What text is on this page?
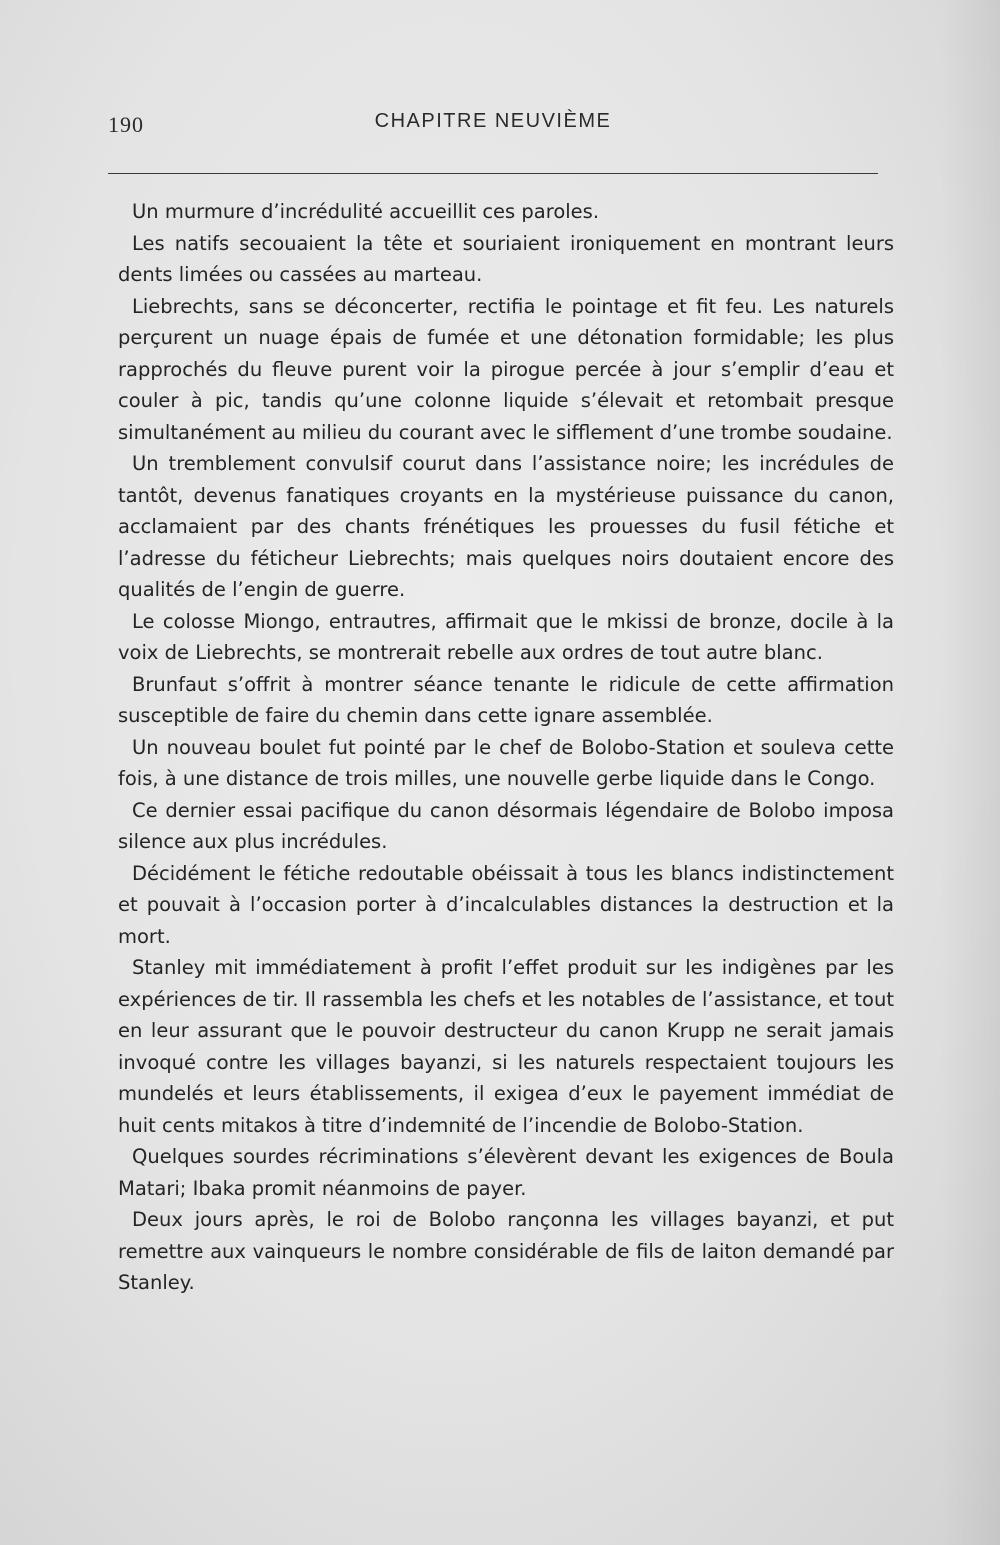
190	CHAPITRE NEUVIÈME

Un murmure d’incrédulité accueillit ces paroles.

Les natifs secouaient la tête et souriaient ironiquement en montrant leurs dents limées ou cassées au marteau.

Liebrechts, sans se déconcerter, rectifia le pointage et fit feu. Les naturels perçurent un nuage épais de fumée et une détonation formidable; les plus rapprochés du fleuve purent voir la pirogue percée à jour s’emplir d’eau et couler à pic, tandis qu’une colonne liquide s’élevait et retombait presque simultanément au milieu du courant avec le sifflement d’une trombe soudaine.

Un tremblement convulsif courut dans l’assistance noire; les incrédules de tantôt, devenus fanatiques croyants en la mystérieuse puissance du canon, acclamaient par des chants frénétiques les prouesses du fusil fétiche et l’adresse du féticheur Liebrechts; mais quelques noirs doutaient encore des qualités de l’engin de guerre.

Le colosse Miongo, entrautres, affirmait que le mkissi de bronze, docile à la voix de Liebrechts, se montrerait rebelle aux ordres de tout autre blanc.

Brunfaut s’offrit à montrer séance tenante le ridicule de cette affirmation susceptible de faire du chemin dans cette ignare assemblée.

Un nouveau boulet fut pointé par le chef de Bolobo-Station et souleva cette fois, à une distance de trois milles, une nouvelle gerbe liquide dans le Congo.

Ce dernier essai pacifique du canon désormais légendaire de Bolobo imposa silence aux plus incrédules.

Décidément le fétiche redoutable obéissait à tous les blancs indistinctement et pouvait à l’occasion porter à d’incalculables distances la destruction et la mort.

Stanley mit immédiatement à profit l’effet produit sur les indigènes par les expériences de tir. Il rassembla les chefs et les notables de l’assistance, et tout en leur assurant que le pouvoir destructeur du canon Krupp ne serait jamais invoqué contre les villages bayanzi, si les naturels respectaient toujours les mundelés et leurs établissements, il exigea d’eux le payement immédiat de huit cents mitakos à titre d’indemnité de l’incendie de Bolobo-Station.

Quelques sourdes récriminations s’élevèrent devant les exigences de Boula Matari; Ibaka promit néanmoins de payer.

Deux jours après, le roi de Bolobo rançonna les villages bayanzi, et put remettre aux vainqueurs le nombre considérable de fils de laiton demandé par Stanley.
